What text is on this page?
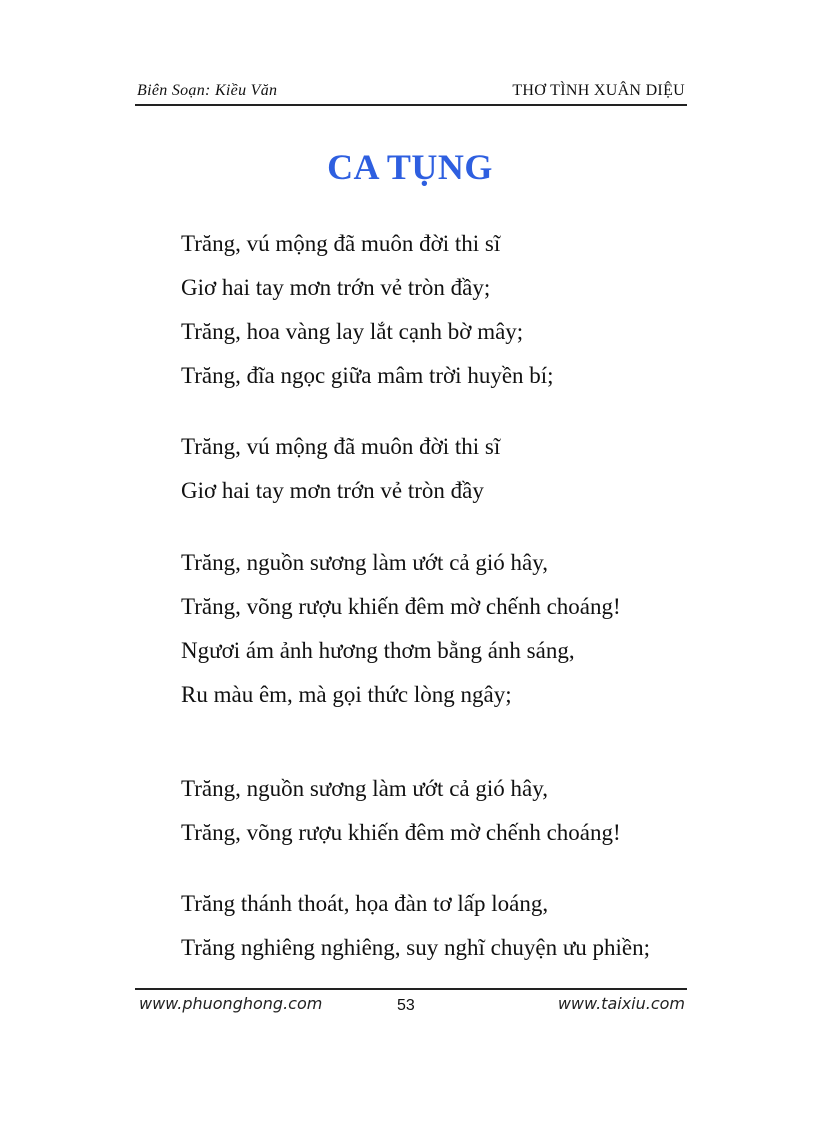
Biên Soạn: Kiều Văn	THƠ TÌNH XUÂN DIỆU
CA TỤNG
Trăng, vú mộng đã muôn đời thi sĩ
Giơ hai tay mơn trớn vẻ tròn đầy;
Trăng, hoa vàng lay lắt cạnh bờ mây;
Trăng, đĩa ngọc giữa mâm trời huyền bí;
Trăng, vú mộng đã muôn đời thi sĩ
Giơ hai tay mơn trớn vẻ tròn đầy
Trăng, nguồn sương làm ướt cả gió hây,
Trăng, võng rượu khiến đêm mờ chếnh choáng!
Ngươi ám ảnh hương thơm bằng ánh sáng,
Ru màu êm, mà gọi thức lòng ngây;
Trăng, nguồn sương làm ướt cả gió hây,
Trăng, võng rượu khiến đêm mờ chếnh choáng!
Trăng thánh thoát, họa đàn tơ lấp loáng,
Trăng nghiêng nghiêng, suy nghĩ chuyện ưu phiền;
www.phuonghong.com	53	www.taixiu.com
